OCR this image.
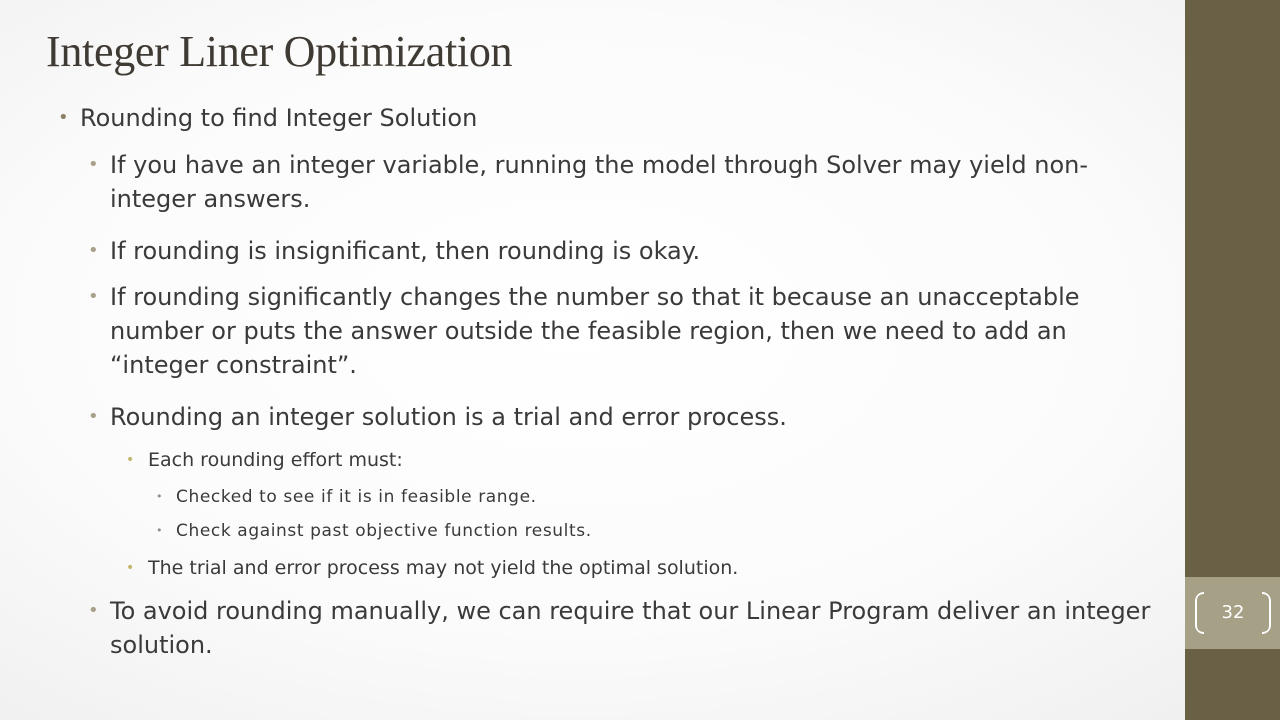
Integer Liner Optimization
• Rounding to find Integer Solution
• If you have an integer variable, running the model through Solver may yield non-integer answers.
• If rounding is insignificant, then rounding is okay.
• If rounding significantly changes the number so that it because an unacceptable number or puts the answer outside the feasible region, then we need to add an “integer constraint”.
• Rounding an integer solution is a trial and error process.
• Each rounding effort must:
• Checked to see if it is in feasible range.
• Check against past objective function results.
• The trial and error process may not yield the optimal solution.
• To avoid rounding manually, we can require that our Linear Program deliver an integer solution.
32
